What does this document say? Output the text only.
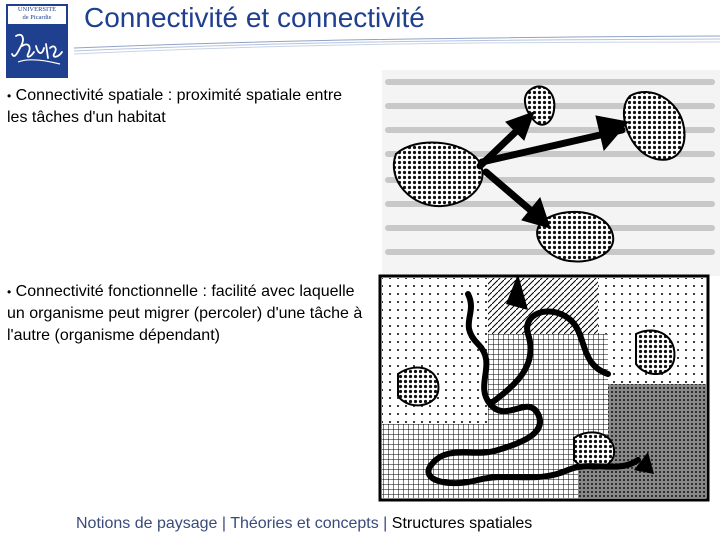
UNIVERSITÉ
de Picardie	Connectivité et connectivité
• Connectivité spatiale : proximité spatiale entre les tâches d'un habitat
• Connectivité fonctionnelle : facilité avec laquelle un organisme peut migrer (percoler) d'une tâche à l'autre (organisme dépendant)
Notions de paysage | Théories et concepts | Structures spatiales
